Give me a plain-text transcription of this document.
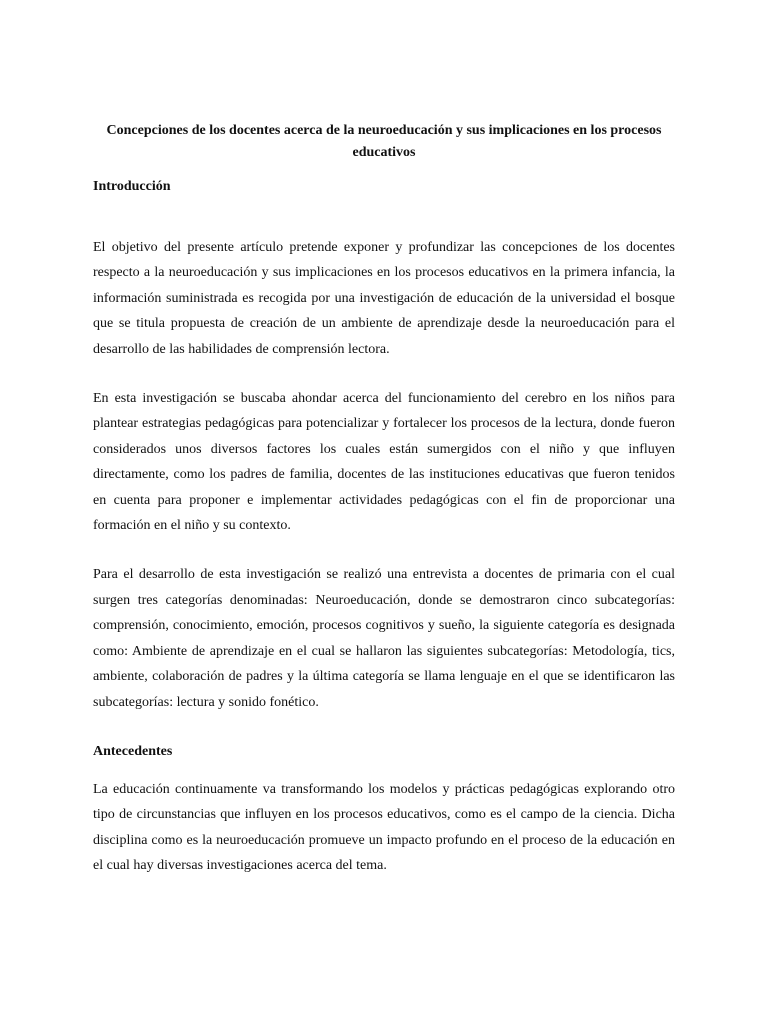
Concepciones de los docentes acerca de la neuroeducación y sus implicaciones en los procesos educativos

Introducción

El objetivo del presente artículo pretende exponer y profundizar las concepciones de los docentes respecto a la neuroeducación y sus implicaciones en los procesos educativos en la primera infancia, la información suministrada es recogida por una investigación de educación de la universidad el bosque que se titula propuesta de creación de un ambiente de aprendizaje desde la neuroeducación para el desarrollo de las habilidades de comprensión lectora.

En esta investigación se buscaba ahondar acerca del funcionamiento del cerebro en los niños para plantear estrategias pedagógicas para potencializar y fortalecer los procesos de la lectura, donde fueron considerados unos diversos factores los cuales están sumergidos con el niño y que influyen directamente, como los padres de familia, docentes de las instituciones educativas que fueron tenidos en cuenta para proponer e implementar actividades pedagógicas con el fin de proporcionar una formación en el niño y su contexto.

Para el desarrollo de esta investigación se realizó una entrevista a docentes de primaria con el cual surgen tres categorías denominadas: Neuroeducación, donde se demostraron cinco subcategorías: comprensión, conocimiento, emoción, procesos cognitivos y sueño, la siguiente categoría es designada como: Ambiente de aprendizaje en el cual se hallaron las siguientes subcategorías: Metodología, tics, ambiente, colaboración de padres y la última categoría se llama lenguaje en el que se identificaron las subcategorías: lectura y sonido fonético.

Antecedentes

La educación continuamente va transformando los modelos y prácticas pedagógicas explorando otro tipo de circunstancias que influyen en los procesos educativos, como es el campo de la ciencia. Dicha disciplina como es la neuroeducación promueve un impacto profundo en el proceso de la educación en el cual hay diversas investigaciones acerca del tema.
